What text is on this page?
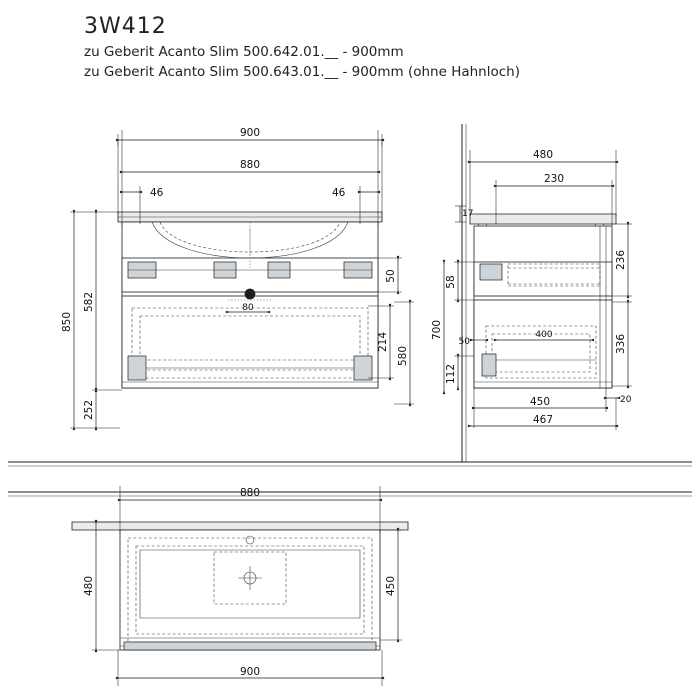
3W412
zu Geberit Acanto Slim 500.642.01.__ - 900mm
zu Geberit Acanto Slim 500.643.01.__ - 900mm (ohne Hahnloch)
900
880
46	46
850
582
252
50
214
580
80
480
230
17
236
336
20
58
112
700
50
400
450
467
880
900
480	450
